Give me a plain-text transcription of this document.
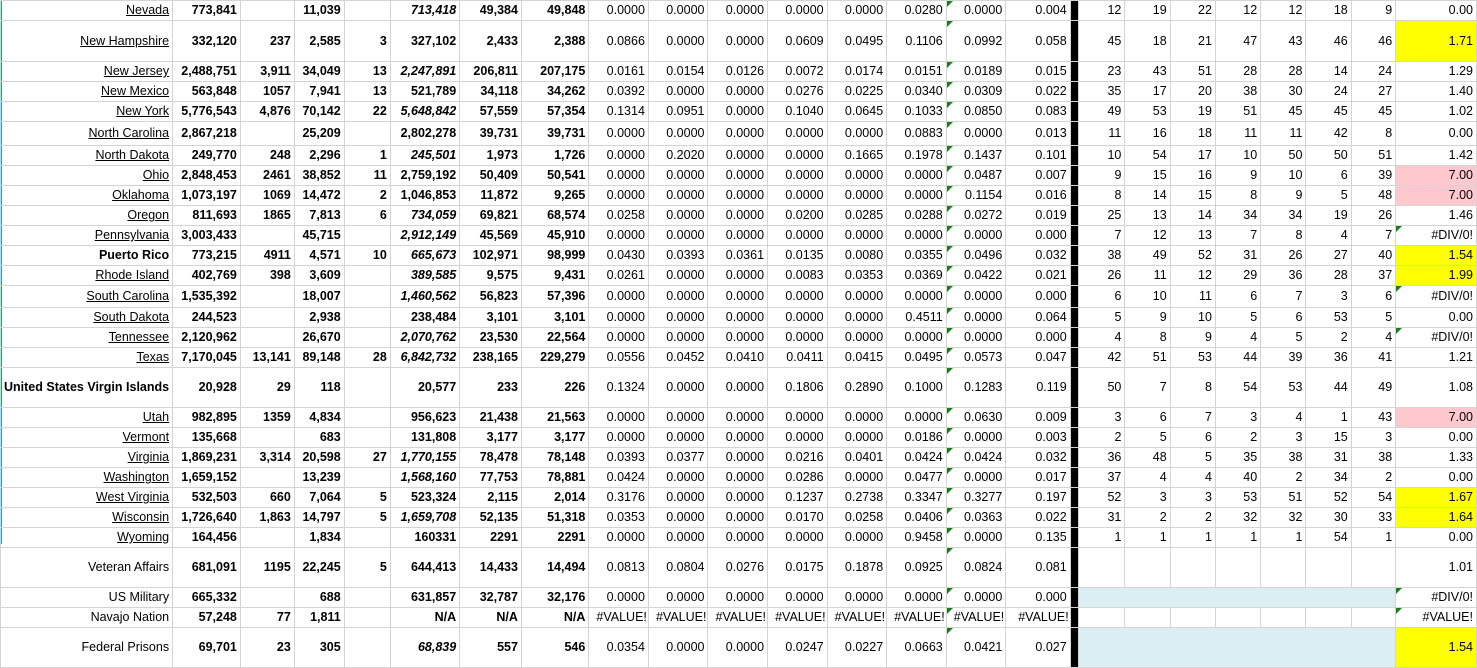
Nevada	773,841		11,039		713,418	49,384	49,848	0.0000	0.0000	0.0000	0.0000	0.0000	0.0280	0.0000	0.004		12	19	22	12	12	18	9	0.00
New Hampshire	332,120	237	2,585	3	327,102	2,433	2,388	0.0866	0.0000	0.0000	0.0609	0.0495	0.1106	0.0992	0.058		45	18	21	47	43	46	46	1.71
New Jersey	2,488,751	3,911	34,049	13	2,247,891	206,811	207,175	0.0161	0.0154	0.0126	0.0072	0.0174	0.0151	0.0189	0.015		23	43	51	28	28	14	24	1.29
New Mexico	563,848	1057	7,941	13	521,789	34,118	34,262	0.0392	0.0000	0.0000	0.0276	0.0225	0.0340	0.0309	0.022		35	17	20	38	30	24	27	1.40
New York	5,776,543	4,876	70,142	22	5,648,842	57,559	57,354	0.1314	0.0951	0.0000	0.1040	0.0645	0.1033	0.0850	0.083		49	53	19	51	45	45	45	1.02
North Carolina	2,867,218		25,209		2,802,278	39,731	39,731	0.0000	0.0000	0.0000	0.0000	0.0000	0.0883	0.0000	0.013		11	16	18	11	11	42	8	0.00
North Dakota	249,770	248	2,296	1	245,501	1,973	1,726	0.0000	0.2020	0.0000	0.0000	0.1665	0.1978	0.1437	0.101		10	54	17	10	50	50	51	1.42
Ohio	2,848,453	2461	38,852	11	2,759,192	50,409	50,541	0.0000	0.0000	0.0000	0.0000	0.0000	0.0000	0.0487	0.007		9	15	16	9	10	6	39	7.00
Oklahoma	1,073,197	1069	14,472	2	1,046,853	11,872	9,265	0.0000	0.0000	0.0000	0.0000	0.0000	0.0000	0.1154	0.016		8	14	15	8	9	5	48	7.00
Oregon	811,693	1865	7,813	6	734,059	69,821	68,574	0.0258	0.0000	0.0000	0.0200	0.0285	0.0288	0.0272	0.019		25	13	14	34	34	19	26	1.46
Pennsylvania	3,003,433		45,715		2,912,149	45,569	45,910	0.0000	0.0000	0.0000	0.0000	0.0000	0.0000	0.0000	0.000		7	12	13	7	8	4	7	#DIV/0!
Puerto Rico	773,215	4911	4,571	10	665,673	102,971	98,999	0.0430	0.0393	0.0361	0.0135	0.0080	0.0355	0.0496	0.032		38	49	52	31	26	27	40	1.54
Rhode Island	402,769	398	3,609		389,585	9,575	9,431	0.0261	0.0000	0.0000	0.0083	0.0353	0.0369	0.0422	0.021		26	11	12	29	36	28	37	1.99
South Carolina	1,535,392		18,007		1,460,562	56,823	57,396	0.0000	0.0000	0.0000	0.0000	0.0000	0.0000	0.0000	0.000		6	10	11	6	7	3	6	#DIV/0!
South Dakota	244,523		2,938		238,484	3,101	3,101	0.0000	0.0000	0.0000	0.0000	0.0000	0.4511	0.0000	0.064		5	9	10	5	6	53	5	0.00
Tennessee	2,120,962		26,670		2,070,762	23,530	22,564	0.0000	0.0000	0.0000	0.0000	0.0000	0.0000	0.0000	0.000		4	8	9	4	5	2	4	#DIV/0!
Texas	7,170,045	13,141	89,148	28	6,842,732	238,165	229,279	0.0556	0.0452	0.0410	0.0411	0.0415	0.0495	0.0573	0.047		42	51	53	44	39	36	41	1.21
United States Virgin Islands	20,928	29	118		20,577	233	226	0.1324	0.0000	0.0000	0.1806	0.2890	0.1000	0.1283	0.119		50	7	8	54	53	44	49	1.08
Utah	982,895	1359	4,834		956,623	21,438	21,563	0.0000	0.0000	0.0000	0.0000	0.0000	0.0000	0.0630	0.009		3	6	7	3	4	1	43	7.00
Vermont	135,668		683		131,808	3,177	3,177	0.0000	0.0000	0.0000	0.0000	0.0000	0.0186	0.0000	0.003		2	5	6	2	3	15	3	0.00
Virginia	1,869,231	3,314	20,598	27	1,770,155	78,478	78,148	0.0393	0.0377	0.0000	0.0216	0.0401	0.0424	0.0424	0.032		36	48	5	35	38	31	38	1.33
Washington	1,659,152		13,239		1,568,160	77,753	78,881	0.0424	0.0000	0.0000	0.0286	0.0000	0.0477	0.0000	0.017		37	4	4	40	2	34	2	0.00
West Virginia	532,503	660	7,064	5	523,324	2,115	2,014	0.3176	0.0000	0.0000	0.1237	0.2738	0.3347	0.3277	0.197		52	3	3	53	51	52	54	1.67
Wisconsin	1,726,640	1,863	14,797	5	1,659,708	52,135	51,318	0.0353	0.0000	0.0000	0.0170	0.0258	0.0406	0.0363	0.022		31	2	2	32	32	30	33	1.64
Wyoming	164,456		1,834		160331	2291	2291	0.0000	0.0000	0.0000	0.0000	0.0000	0.9458	0.0000	0.135		1	1	1	1	1	54	1	0.00
Veteran Affairs	681,091	1195	22,245	5	644,413	14,433	14,494	0.0813	0.0804	0.0276	0.0175	0.1878	0.0925	0.0824	0.081									1.01
US Military	665,332		688		631,857	32,787	32,176	0.0000	0.0000	0.0000	0.0000	0.0000	0.0000	0.0000	0.000									#DIV/0!
Navajo Nation	57,248	77	1,811		N/A	N/A	N/A	#VALUE!	#VALUE!	#VALUE!	#VALUE!	#VALUE!	#VALUE!	#VALUE!	#VALUE!									#VALUE!
Federal Prisons	69,701	23	305		68,839	557	546	0.0354	0.0000	0.0000	0.0247	0.0227	0.0663	0.0421	0.027									1.54
